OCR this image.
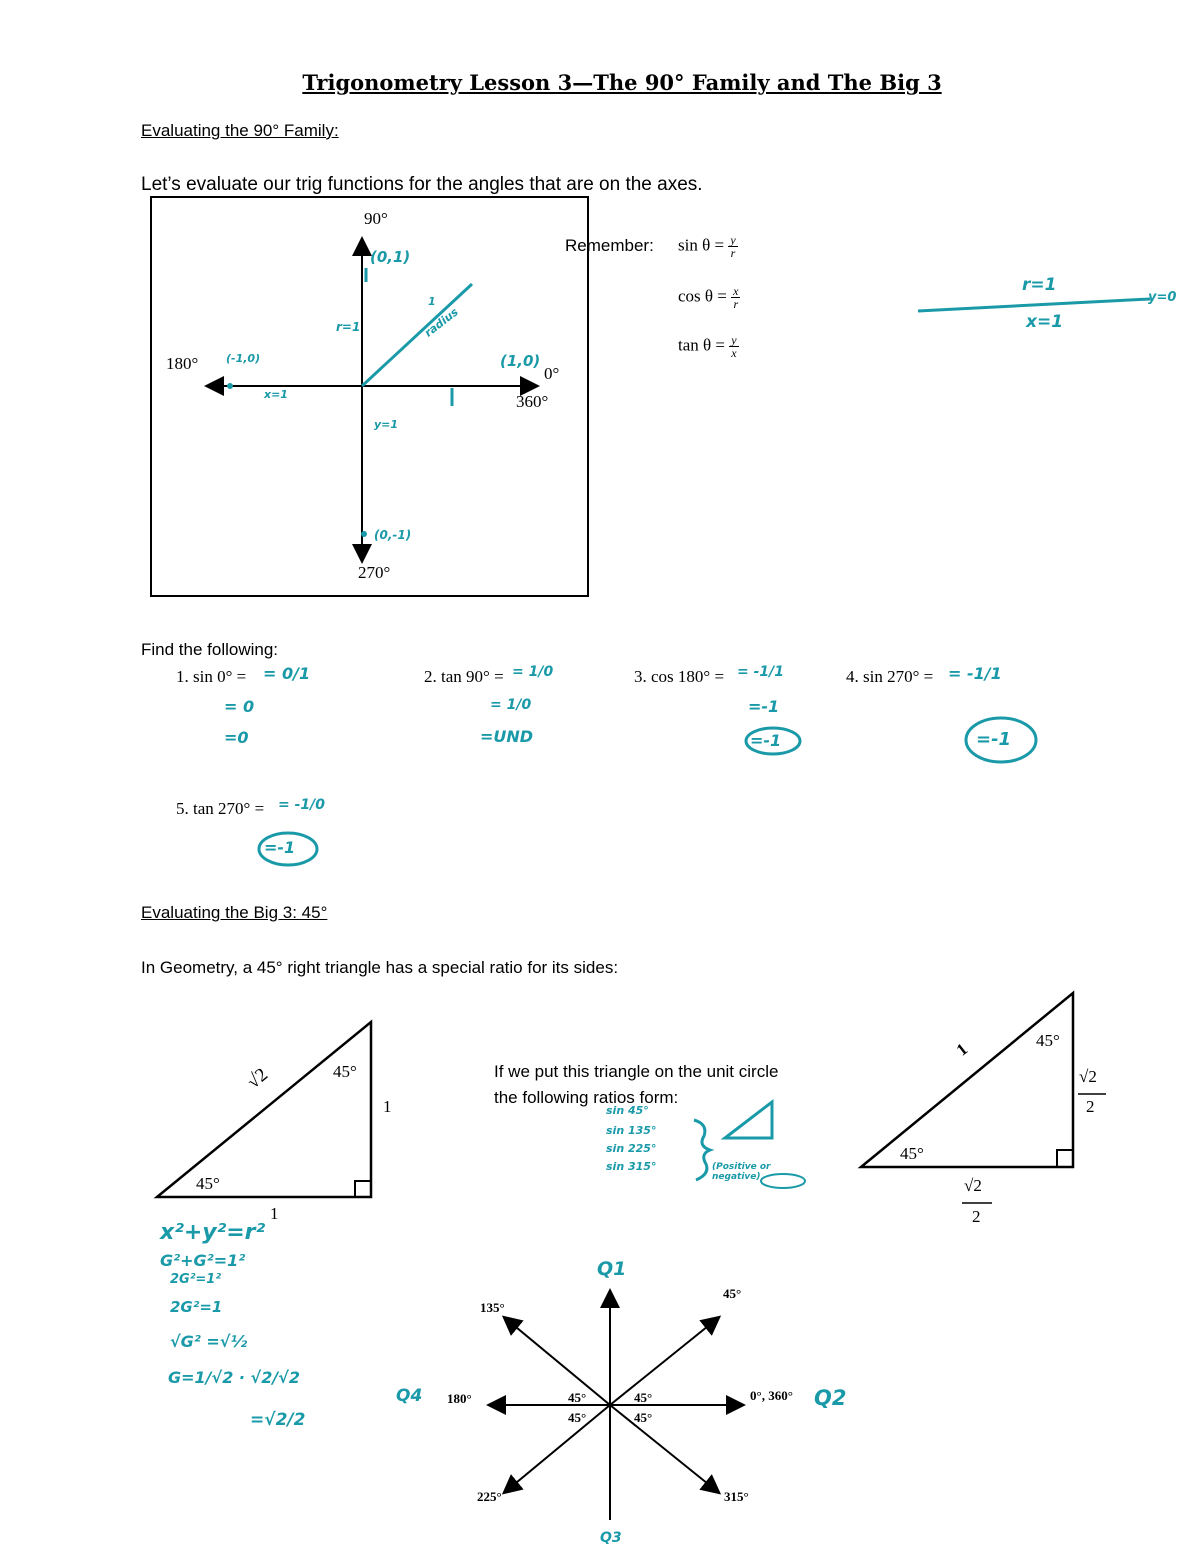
Trigonometry Lesson 3—The 90° Family and The Big 3
Evaluating the 90° Family:
Let’s evaluate our trig functions for the angles that are on the axes.
90°
180°
0°
360°
270°
Remember: $\sin \theta = \frac{y}{r}$
$\cos \theta = \frac{x}{r}$
$\tan \theta = \frac{y}{x}$
Find the following:
1. sin 0° =	2. tan 90° =	3. cos 180° =	4. sin 270° =
5. tan 270° =
Evaluating the Big 3: 45°
In Geometry, a 45° right triangle has a special ratio for its sides:
√2	45°
45°
1
1
If we put this triangle on the unit circle
the following ratios form:
1	45°
45°
√2
2
√2
2
45°
135°
180°	0°, 360°
225°	315°
45°	45°
45°	45°
(0,1)
(-1,0)	(1,0)
(0,-1)
r=1
x=1
y=1
radius
1
r=1
x=1
y=0
= 0/1
= 0
=0
= 1/0
= 1/0
=UND
= -1/1
=-1
=-1
= -1/1
=-1
= -1/0
=-1
x²+y²=r²
G²+G²=1²
2G²=1²
2G²=1
√G² =√½
G=1/√2 · √2/√2
=√2/2
sin 45°
sin 135°
sin 225°
sin 315°	(Positive or negative)
Q1
Q2
Q3
Q4
